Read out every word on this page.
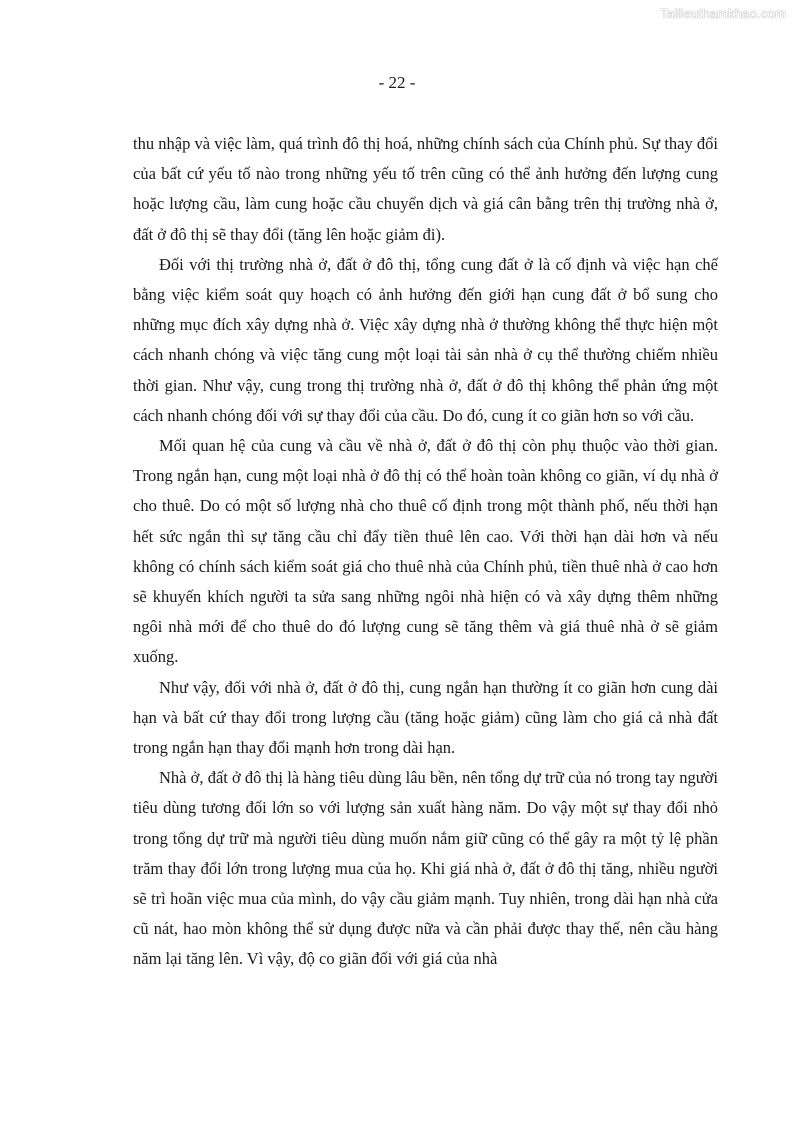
Tailieuthamkhao.com
- 22 -

thu nhập và việc làm, quá trình đô thị hoá, những chính sách của Chính phủ. Sự thay đổi của bất cứ yếu tố nào trong những yếu tố trên cũng có thể ảnh hưởng đến lượng cung hoặc lượng cầu, làm cung hoặc cầu chuyển dịch và giá cân bằng trên thị trường nhà ở, đất ở đô thị sẽ thay đổi (tăng lên hoặc giảm đi).

Đối với thị trường nhà ở, đất ở đô thị, tổng cung đất ở là cố định và việc hạn chế bằng việc kiểm soát quy hoạch có ảnh hưởng đến giới hạn cung đất ở bổ sung cho những mục đích xây dựng nhà ở. Việc xây dựng nhà ở thường không thể thực hiện một cách nhanh chóng và việc tăng cung một loại tài sản nhà ở cụ thể thường chiếm nhiều thời gian. Như vậy, cung trong thị trường nhà ở, đất ở đô thị không thể phản ứng một cách nhanh chóng đối với sự thay đổi của cầu. Do đó, cung ít co giãn hơn so với cầu.

Mối quan hệ của cung và cầu về nhà ở, đất ở đô thị còn phụ thuộc vào thời gian. Trong ngắn hạn, cung một loại nhà ở đô thị có thể hoàn toàn không co giãn, ví dụ nhà ở cho thuê. Do có một số lượng nhà cho thuê cố định trong một thành phố, nếu thời hạn hết sức ngắn thì sự tăng cầu chỉ đẩy tiền thuê lên cao. Với thời hạn dài hơn và nếu không có chính sách kiểm soát giá cho thuê nhà của Chính phủ, tiền thuê nhà ở cao hơn sẽ khuyến khích người ta sửa sang những ngôi nhà hiện có và xây dựng thêm những ngôi nhà mới để cho thuê do đó lượng cung sẽ tăng thêm và giá thuê nhà ở sẽ giảm xuống.

Như vậy, đối với nhà ở, đất ở đô thị, cung ngắn hạn thường ít co giãn hơn cung dài hạn và bất cứ thay đổi trong lượng cầu (tăng hoặc giảm) cũng làm cho giá cả nhà đất trong ngắn hạn thay đổi mạnh hơn trong dài hạn.

Nhà ở, đất ở đô thị là hàng tiêu dùng lâu bền, nên tổng dự trữ của nó trong tay người tiêu dùng tương đối lớn so với lượng sản xuất hàng năm. Do vậy một sự thay đổi nhỏ trong tổng dự trữ mà người tiêu dùng muốn nắm giữ cũng có thể gây ra một tỷ lệ phần trăm thay đổi lớn trong lượng mua của họ. Khi giá nhà ở, đất ở đô thị tăng, nhiều người sẽ trì hoãn việc mua của mình, do vậy cầu giảm mạnh. Tuy nhiên, trong dài hạn nhà cửa cũ nát, hao mòn không thể sử dụng được nữa và cần phải được thay thế, nên cầu hàng năm lại tăng lên. Vì vậy, độ co giãn đối với giá của nhà
